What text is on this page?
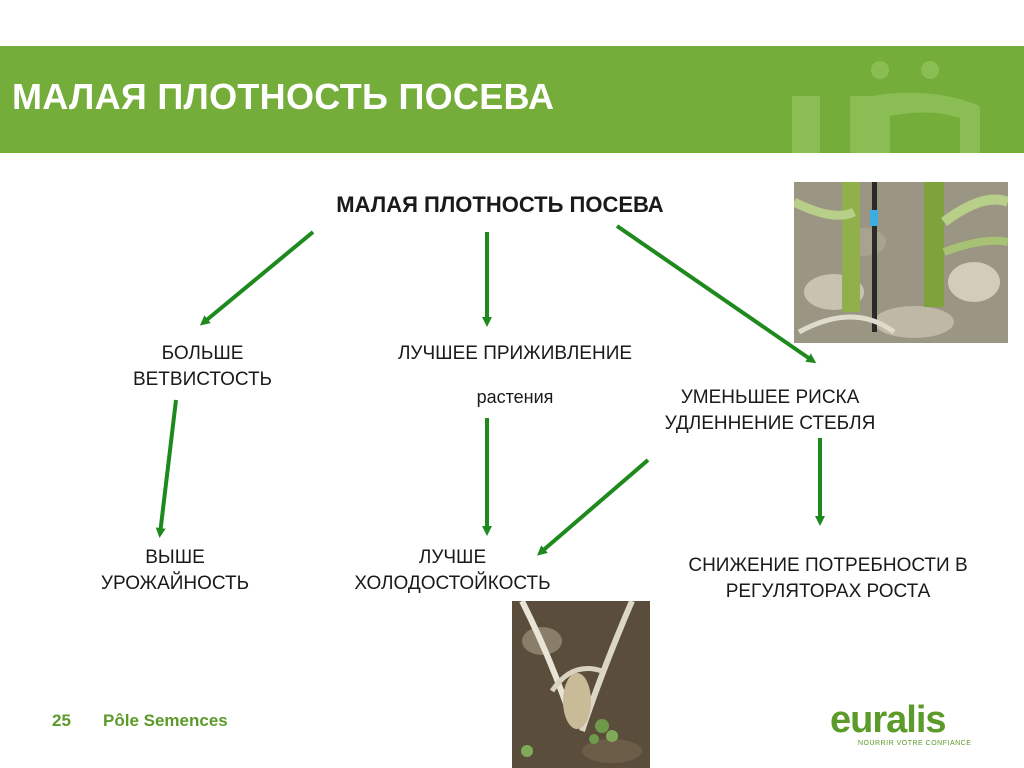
МАЛАЯ ПЛОТНОСТЬ ПОСЕВА
МАЛАЯ ПЛОТНОСТЬ ПОСЕВА
БОЛЬШЕ ВЕТВИСТОСТЬ
ЛУЧШЕЕ ПРИЖИВЛЕНИЕ
растения	УМЕНЬШЕЕ РИСКА УДЛЕННЕНИЕ СТЕБЛЯ
ВЫШЕ УРОЖАЙНОСТЬ
ЛУЧШЕ ХОЛОДОСТОЙКОСТЬ
СНИЖЕНИЕ ПОТРЕБНОСТИ В РЕГУЛЯТОРАХ РОСТА
25 Pôle Semences	euralis
NOURRIR VOTRE CONFIANCE
